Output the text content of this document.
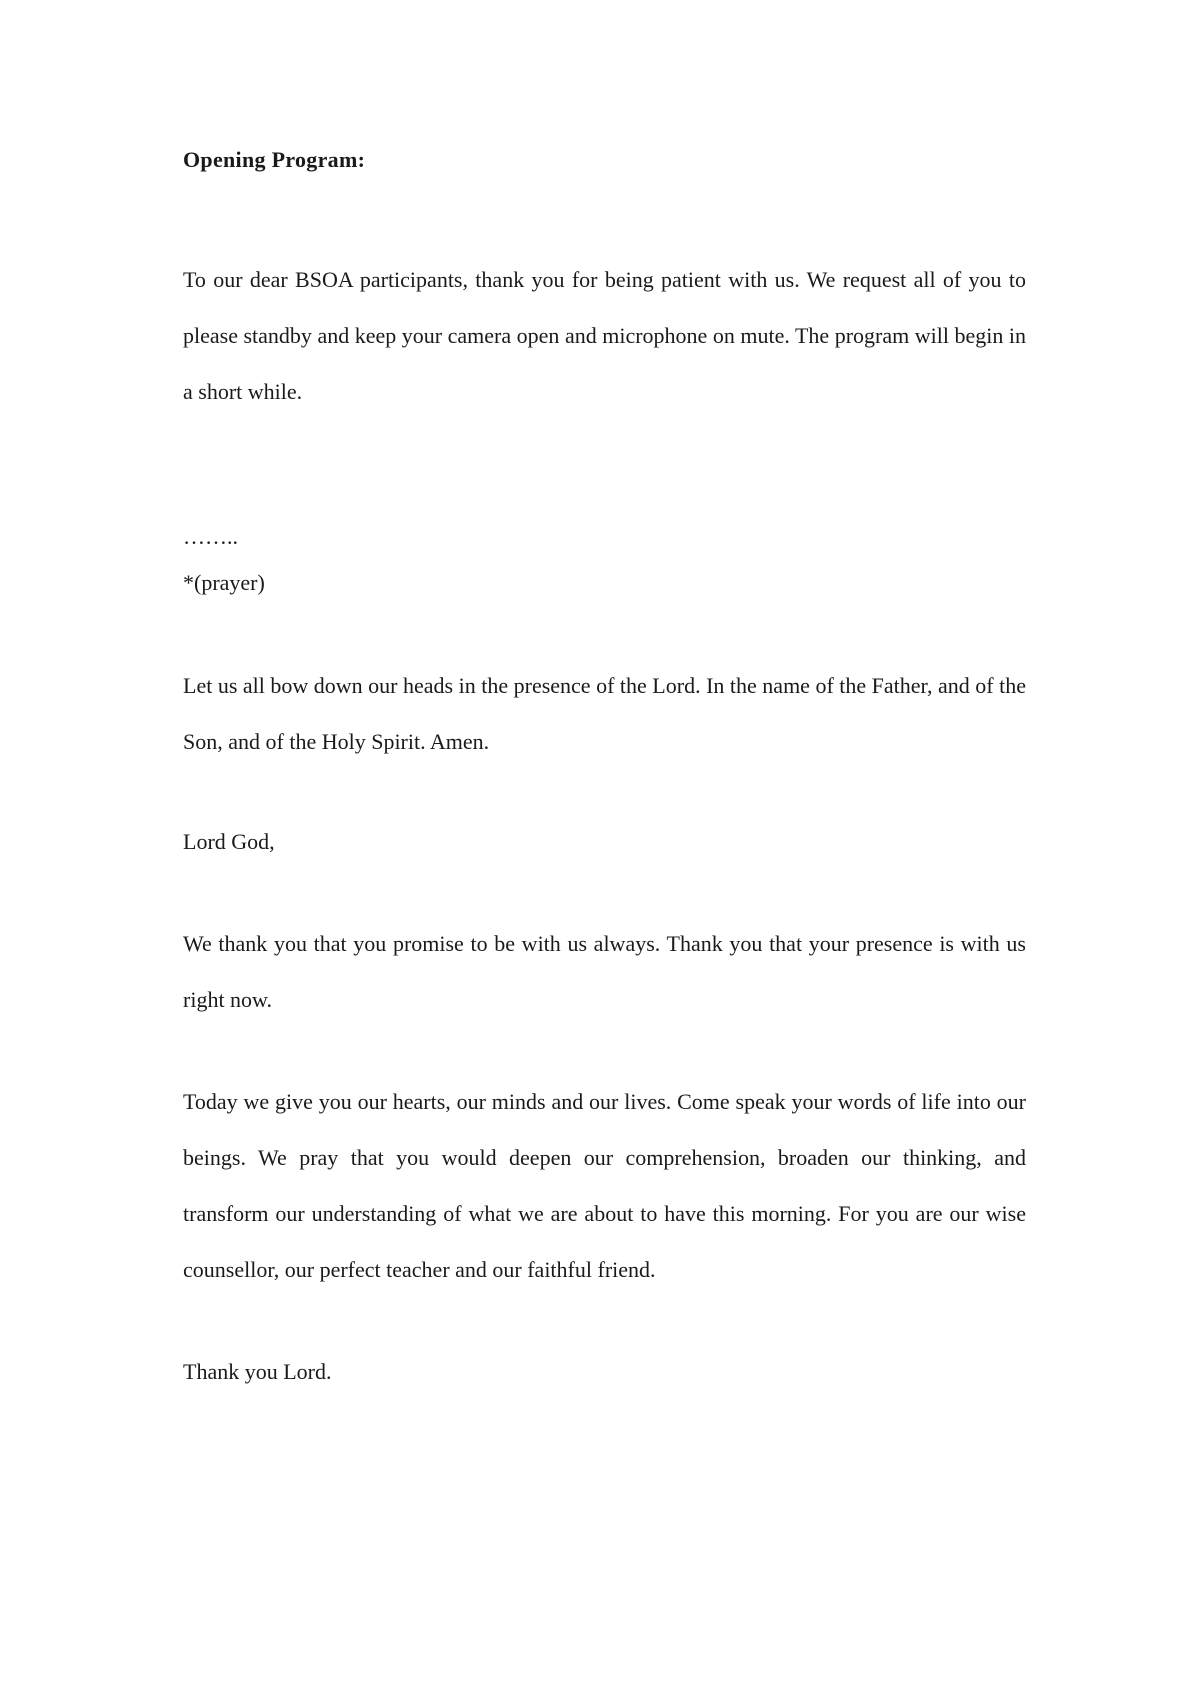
Opening Program:

To our dear BSOA participants, thank you for being patient with us. We request all of you to please standby and keep your camera open and microphone on mute. The program will begin in a short while.

……..

*(prayer)

Let us all bow down our heads in the presence of the Lord. In the name of the Father, and of the Son, and of the Holy Spirit. Amen.

Lord God,

We thank you that you promise to be with us always. Thank you that your presence is with us right now.

Today we give you our hearts, our minds and our lives. Come speak your words of life into our beings. We pray that you would deepen our comprehension, broaden our thinking, and transform our understanding of what we are about to have this morning. For you are our wise counsellor, our perfect teacher and our faithful friend.

Thank you Lord.
